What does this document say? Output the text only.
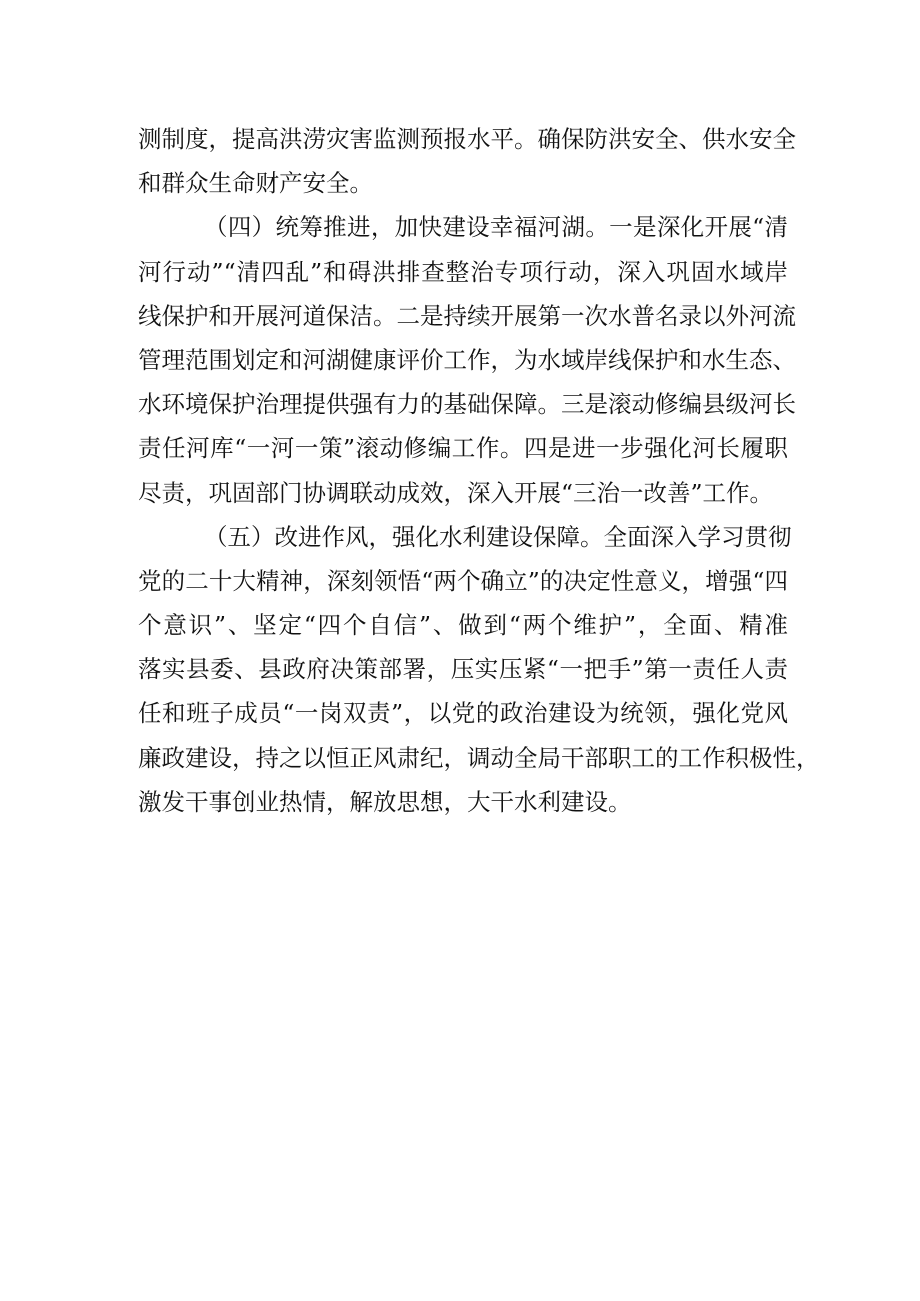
测制度，提高洪涝灾害监测预报水平。确保防洪安全、供水安全
和群众生命财产安全。
（四）统筹推进，加快建设幸福河湖。一是深化开展“清
河行动”“清四乱”和碍洪排查整治专项行动，深入巩固水域岸
线保护和开展河道保洁。二是持续开展第一次水普名录以外河流
管理范围划定和河湖健康评价工作，为水域岸线保护和水生态、
水环境保护治理提供强有力的基础保障。三是滚动修编县级河长
责任河库“一河一策”滚动修编工作。四是进一步强化河长履职
尽责，巩固部门协调联动成效，深入开展“三治一改善”工作。
（五）改进作风，强化水利建设保障。全面深入学习贯彻
党的二十大精神，深刻领悟“两个确立”的决定性意义，增强“四
个意识”、坚定“四个自信”、做到“两个维护”，全面、精准
落实县委、县政府决策部署，压实压紧“一把手”第一责任人责
任和班子成员“一岗双责”，以党的政治建设为统领，强化党风
廉政建设，持之以恒正风肃纪，调动全局干部职工的工作积极性，
激发干事创业热情，解放思想，大干水利建设。
